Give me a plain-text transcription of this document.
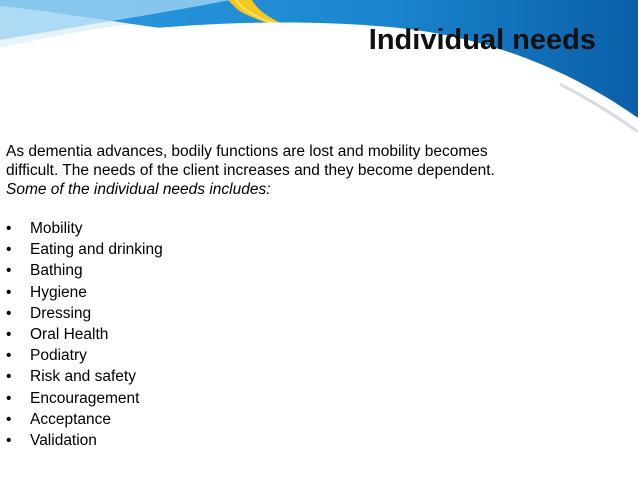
Individual needs
As dementia advances, bodily functions are lost and mobility becomes
difficult. The needs of the client increases and they become dependent.
Some of the individual needs includes:
• Mobility
• Eating and drinking
• Bathing
• Hygiene
• Dressing
• Oral Health
• Podiatry
• Risk and safety
• Encouragement
• Acceptance
• Validation
